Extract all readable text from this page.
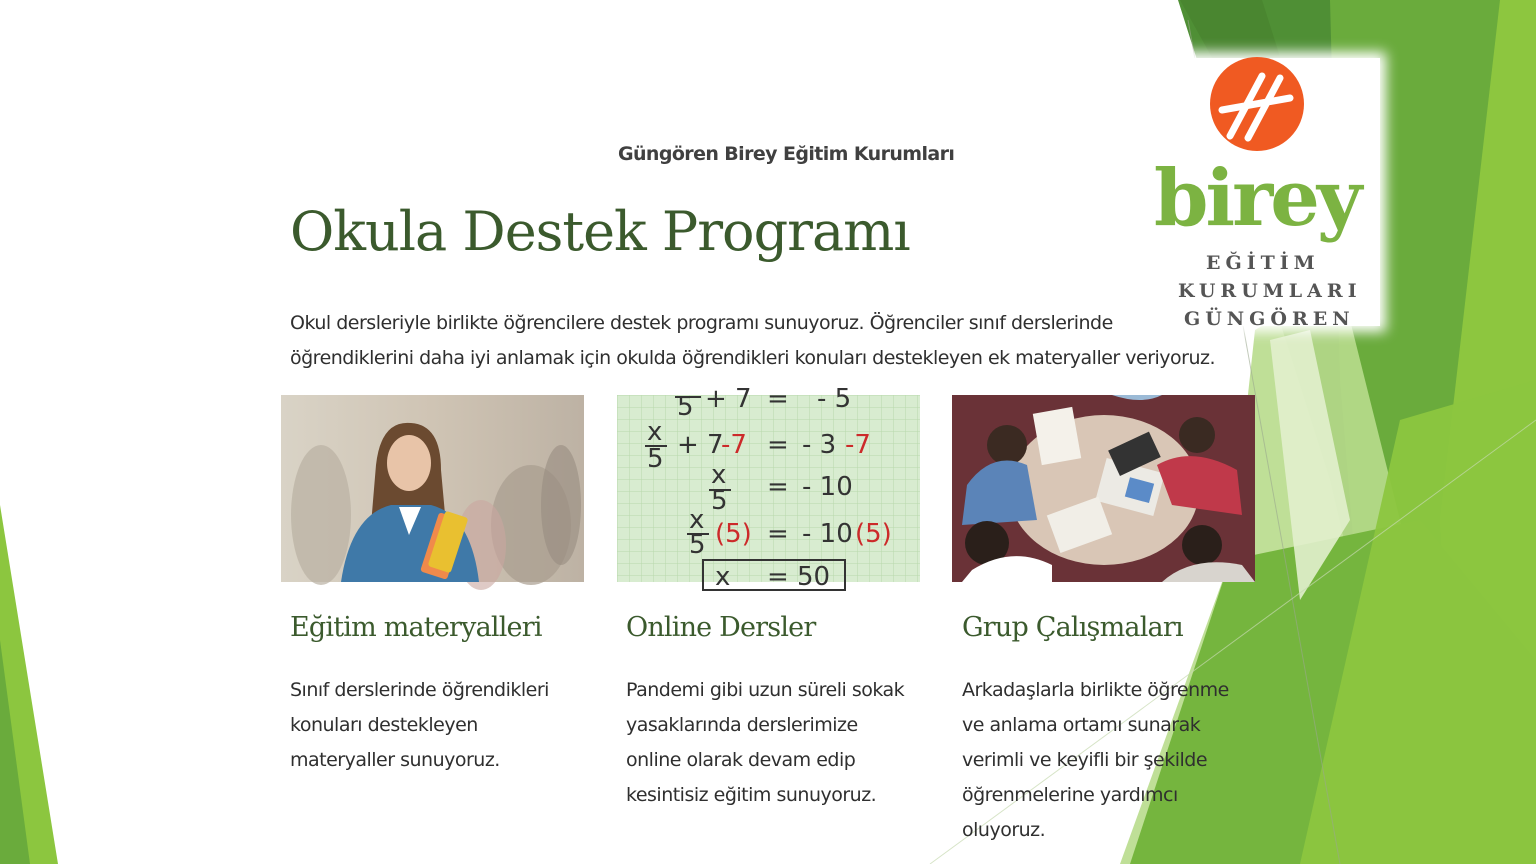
Güngören Birey Eğitim Kurumları
Okula Destek Programı
Okul dersleriyle birlikte öğrencilere destek programı sunuyoruz. Öğrenciler sınıf derslerinde
öğrendiklerini daha iyi anlamak için okulda öğrendikleri konuları destekleyen ek materyaller veriyoruz.
5 + 7 = - 5
x
5 + 7
-7 = - 3 -7
x
5 = - 10
x
5 (5) = - 10 (5)
x = 50
Eğitim materyalleri	Online Dersler	Grup Çalışmaları
Sınıf derslerinde öğrendikleri
konuları destekleyen
materyaller sunuyoruz.
Pandemi gibi uzun süreli sokak
yasaklarında derslerimize
online olarak devam edip
kesintisiz eğitim sunuyoruz.
Arkadaşlarla birlikte öğrenme
ve anlama ortamı sunarak
verimli ve keyifli bir şekilde
öğrenmelerine yardımcı
oluyoruz.
birey
EĞİTİM
KURUMLARI
GÜNGÖREN
